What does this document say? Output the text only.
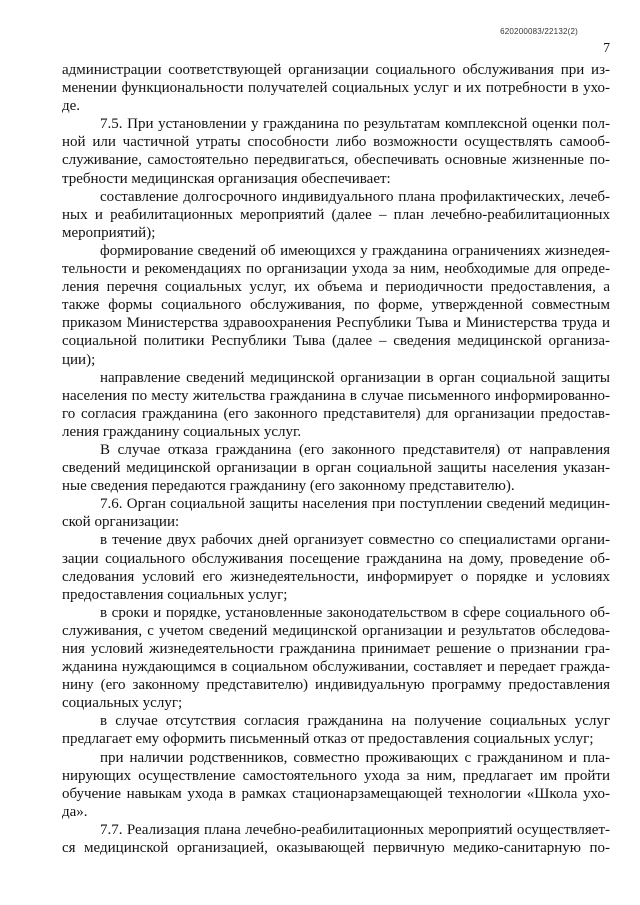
620200083/22132(2)
7
администрации соответствующей организации социального обслуживания при из-
менении функциональности получателей социальных услуг и их потребности в ухо-
де.
7.5. При установлении у гражданина по результатам комплексной оценки пол-
ной или частичной утраты способности либо возможности осуществлять самооб-
служивание, самостоятельно передвигаться, обеспечивать основные жизненные по-
требности медицинская организация обеспечивает:
составление долгосрочного индивидуального плана профилактических, лечеб-
ных и реабилитационных мероприятий (далее – план лечебно-реабилитационных
мероприятий);
формирование сведений об имеющихся у гражданина ограничениях жизнедея-
тельности и рекомендациях по организации ухода за ним, необходимые для опреде-
ления перечня социальных услуг, их объема и периодичности предоставления, а
также формы социального обслуживания, по форме, утвержденной совместным
приказом Министерства здравоохранения Республики Тыва и Министерства труда и
социальной политики Республики Тыва (далее – сведения медицинской организа-
ции);
направление сведений медицинской организации в орган социальной защиты
населения по месту жительства гражданина в случае письменного информированно-
го согласия гражданина (его законного представителя) для организации предостав-
ления гражданину социальных услуг.
В случае отказа гражданина (его законного представителя) от направления
сведений медицинской организации в орган социальной защиты населения указан-
ные сведения передаются гражданину (его законному представителю).
7.6. Орган социальной защиты населения при поступлении сведений медицин-
ской организации:
в течение двух рабочих дней организует совместно со специалистами органи-
зации социального обслуживания посещение гражданина на дому, проведение об-
следования условий его жизнедеятельности, информирует о порядке и условиях
предоставления социальных услуг;
в сроки и порядке, установленные законодательством в сфере социального об-
служивания, с учетом сведений медицинской организации и результатов обследова-
ния условий жизнедеятельности гражданина принимает решение о признании гра-
жданина нуждающимся в социальном обслуживании, составляет и передает гражда-
нину (его законному представителю) индивидуальную программу предоставления
социальных услуг;
в случае отсутствия согласия гражданина на получение социальных услуг
предлагает ему оформить письменный отказ от предоставления социальных услуг;
при наличии родственников, совместно проживающих с гражданином и пла-
нирующих осуществление самостоятельного ухода за ним, предлагает им пройти
обучение навыкам ухода в рамках стационарзамещающей технологии «Школа ухо-
да».
7.7. Реализация плана лечебно-реабилитационных мероприятий осуществляет-
ся медицинской организацией, оказывающей первичную медико-санитарную по-
